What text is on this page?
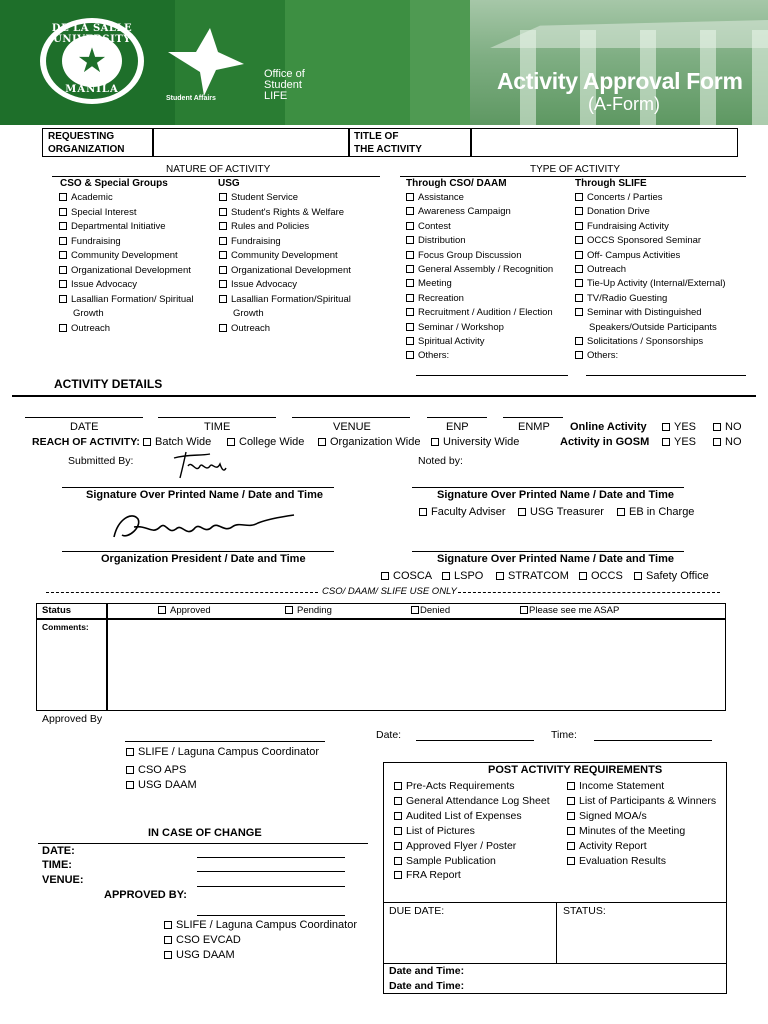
★
DE LA SALLE UNIVERSITY
MANILA
Student Affairs
Office of
Student
LIFE
Activity Approval Form
(A-Form)
REQUESTING
ORGANIZATION
TITLE OF
THE ACTIVITY
NATURE OF ACTIVITY
CSO & Special Groups	USG
Academic
Special Interest
Departmental Initiative
Fundraising
Community Development
Organizational Development
Issue Advocacy
Lasallian Formation/ Spiritual
Growth
Outreach
Student Service
Student's Rights & Welfare
Rules and Policies
Fundraising
Community Development
Organizational Development
Issue Advocacy
Lasallian Formation/Spiritual
Growth
Outreach
TYPE OF ACTIVITY
Through CSO/ DAAM	Through SLIFE
Assistance
Awareness Campaign
Contest
Distribution
Focus Group Discussion
General Assembly / Recognition
Meeting
Recreation
Recruitment / Audition / Election
Seminar / Workshop
Spiritual Activity
Others:
Concerts / Parties
Donation Drive
Fundraising Activity
OCCS Sponsored Seminar
Off- Campus Activities
Outreach
Tie-Up Activity (Internal/External)
TV/Radio Guesting
Seminar with Distinguished
Speakers/Outside Participants
Solicitations / Sponsorships
Others:
ACTIVITY DETAILS
DATE	TIME	VENUE	ENP	ENMP Online Activity	YES	NO
REACH OF ACTIVITY:	Batch Wide	College Wide	Organization Wide	University Wide	Activity in GOSM	YES	NO
Submitted By:	Noted by:
Signature Over Printed Name / Date and Time	Signature Over Printed Name / Date and Time
Faculty Adviser	USG Treasurer	EB in Charge
Organization President / Date and Time	Signature Over Printed Name / Date and Time
COSCA	LSPO	STRATCOM	OCCS	Safety Office
CSO/ DAAM/ SLIFE USE ONLY
Status	Approved	Pending	Denied	Please see me ASAP
Comments:
Approved By
Date:	Time:
SLIFE / Laguna Campus Coordinator
CSO APS
USG DAAM
IN CASE OF CHANGE
DATE:
TIME:
VENUE:
APPROVED BY:
SLIFE / Laguna Campus Coordinator
CSO EVCAD
USG DAAM
POST ACTIVITY REQUIREMENTS
Pre-Acts Requirements
General Attendance Log Sheet
Audited List of Expenses
List of Pictures
Approved Flyer / Poster
Sample Publication
FRA Report
Income Statement
List of Participants & Winners
Signed MOA/s
Minutes of the Meeting
Activity Report
Evaluation Results
DUE DATE:	STATUS:
Date and Time:
Date and Time:
